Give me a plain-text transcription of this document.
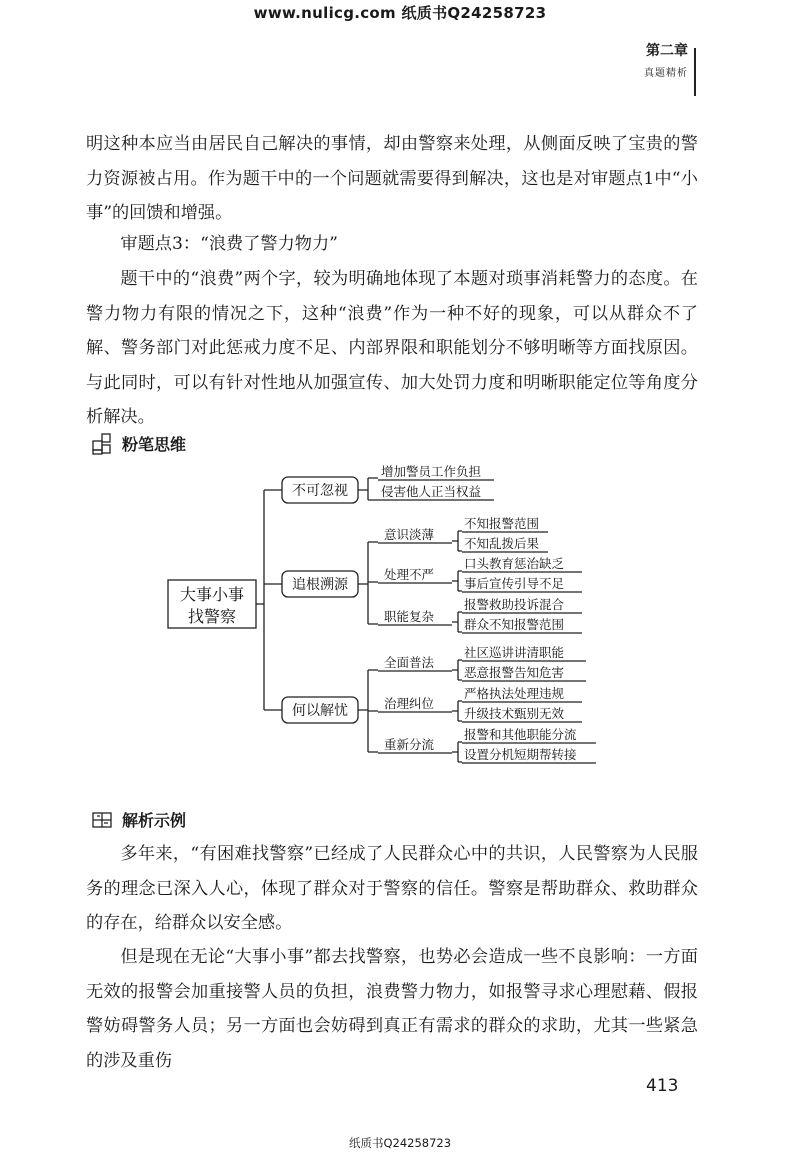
www.nulicg.com 纸质书Q24258723
第二章
真题精析
明这种本应当由居民自己解决的事情，却由警察来处理，从侧面反映了宝贵的警力资源被占用。作为题干中的一个问题就需要得到解决，这也是对审题点1中“小事”的回馈和增强。
审题点3：“浪费了警力物力”
题干中的“浪费”两个字，较为明确地体现了本题对琐事消耗警力的态度。在警力物力有限的情况之下，这种“浪费”作为一种不好的现象，可以从群众不了解、警务部门对此惩戒力度不足、内部界限和职能划分不够明晰等方面找原因。与此同时，可以有针对性地从加强宣传、加大处罚力度和明晰职能定位等角度分析解决。
粉笔思维
大事小事
找警察
不可忽视
追根溯源
何以解忧
增加警员工作负担
侵害他人正当权益
意识淡薄
处理不严
职能复杂
不知报警范围
不知乱拨后果
口头教育惩治缺乏
事后宣传引导不足
报警救助投诉混合
群众不知报警范围
全面普法
治理纠位
重新分流
社区巡讲讲清职能
恶意报警告知危害
严格执法处理违规
升级技术甄别无效
报警和其他职能分流
设置分机短期帮转接
解析示例
多年来，“有困难找警察”已经成了人民群众心中的共识，人民警察为人民服务的理念已深入人心，体现了群众对于警察的信任。警察是帮助群众、救助群众的存在，给群众以安全感。
但是现在无论“大事小事”都去找警察，也势必会造成一些不良影响：一方面无效的报警会加重接警人员的负担，浪费警力物力，如报警寻求心理慰藉、假报警妨碍警务人员；另一方面也会妨碍到真正有需求的群众的求助，尤其一些紧急的涉及重伤
413
纸质书Q24258723
